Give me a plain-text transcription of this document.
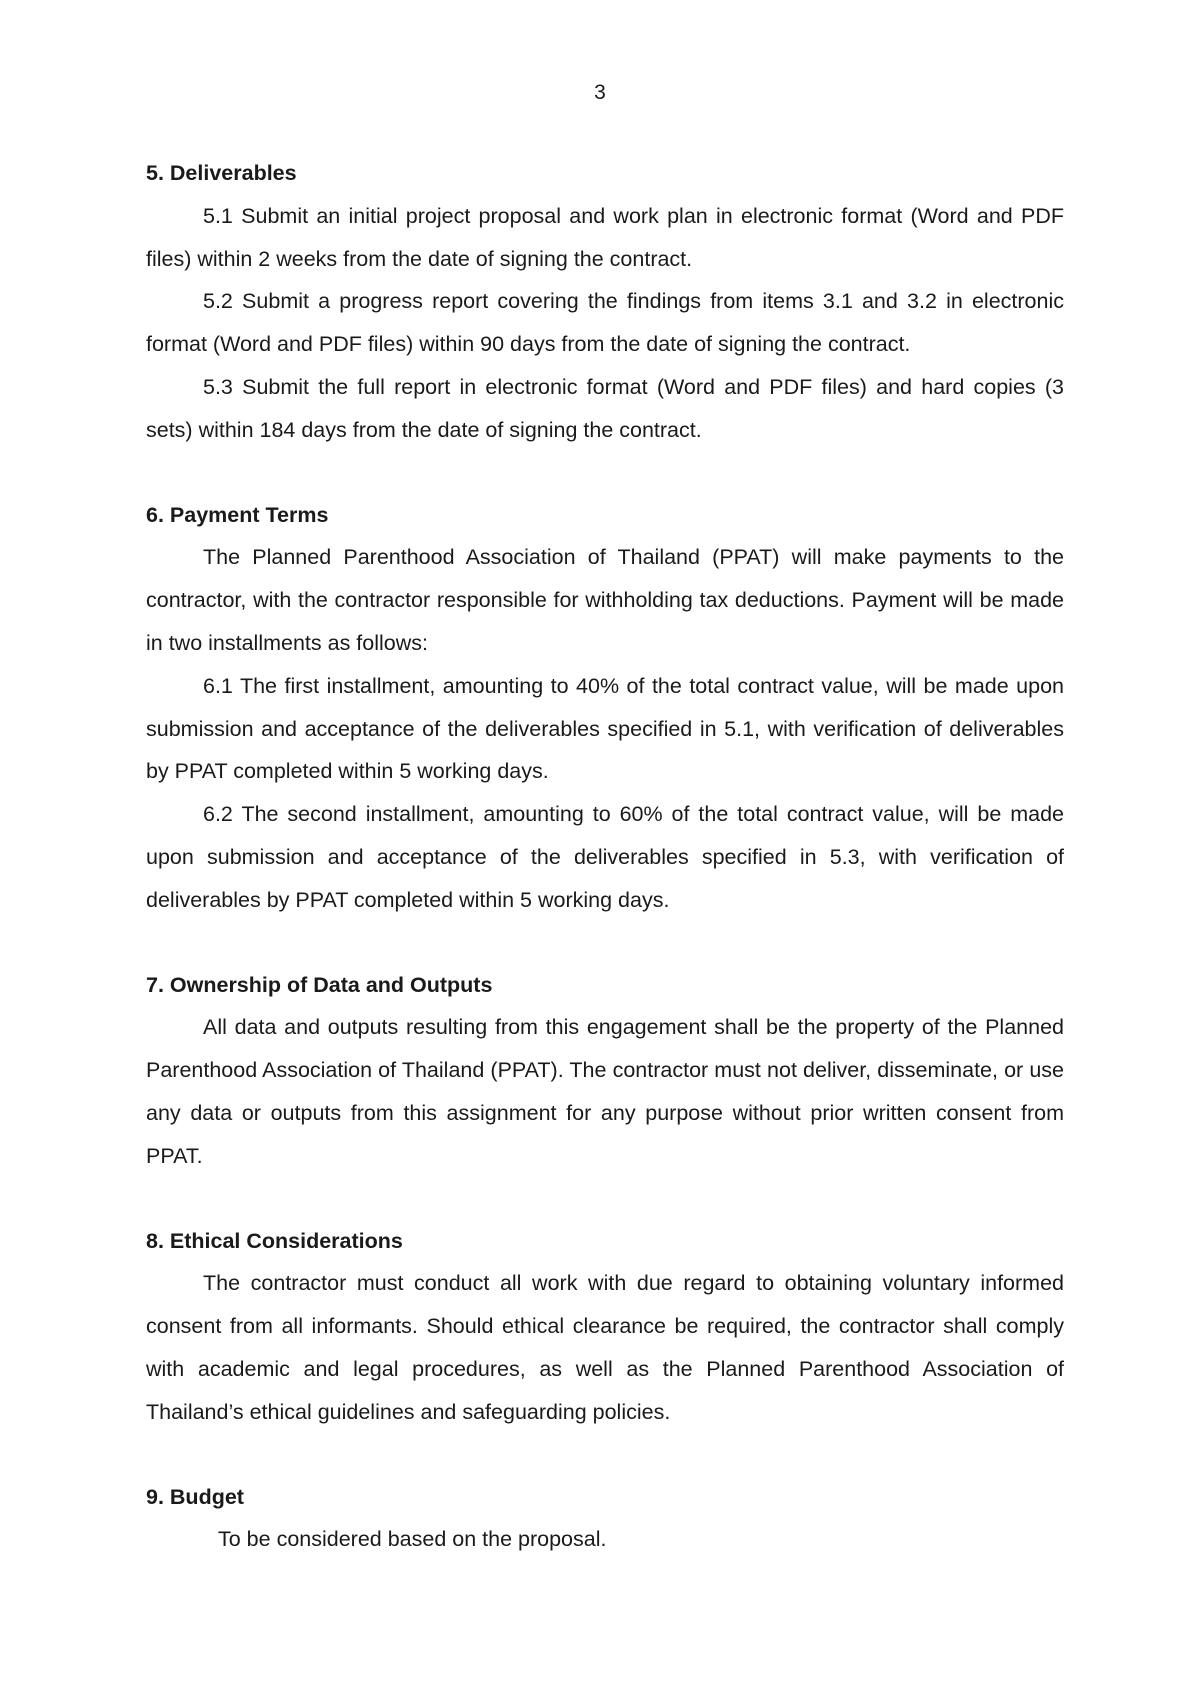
3

5. Deliverables

5.1 Submit an initial project proposal and work plan in electronic format (Word and PDF files) within 2 weeks from the date of signing the contract.

5.2 Submit a progress report covering the findings from items 3.1 and 3.2 in electronic format (Word and PDF files) within 90 days from the date of signing the contract.

5.3 Submit the full report in electronic format (Word and PDF files) and hard copies (3 sets) within 184 days from the date of signing the contract.

6. Payment Terms

The Planned Parenthood Association of Thailand (PPAT) will make payments to the contractor, with the contractor responsible for withholding tax deductions. Payment will be made in two installments as follows:

6.1 The first installment, amounting to 40% of the total contract value, will be made upon submission and acceptance of the deliverables specified in 5.1, with verification of deliverables by PPAT completed within 5 working days.

6.2 The second installment, amounting to 60% of the total contract value, will be made upon submission and acceptance of the deliverables specified in 5.3, with verification of deliverables by PPAT completed within 5 working days.

7. Ownership of Data and Outputs

All data and outputs resulting from this engagement shall be the property of the Planned Parenthood Association of Thailand (PPAT). The contractor must not deliver, disseminate, or use any data or outputs from this assignment for any purpose without prior written consent from PPAT.

8. Ethical Considerations

The contractor must conduct all work with due regard to obtaining voluntary informed consent from all informants. Should ethical clearance be required, the contractor shall comply with academic and legal procedures, as well as the Planned Parenthood Association of Thailand’s ethical guidelines and safeguarding policies.

9. Budget

To be considered based on the proposal.
